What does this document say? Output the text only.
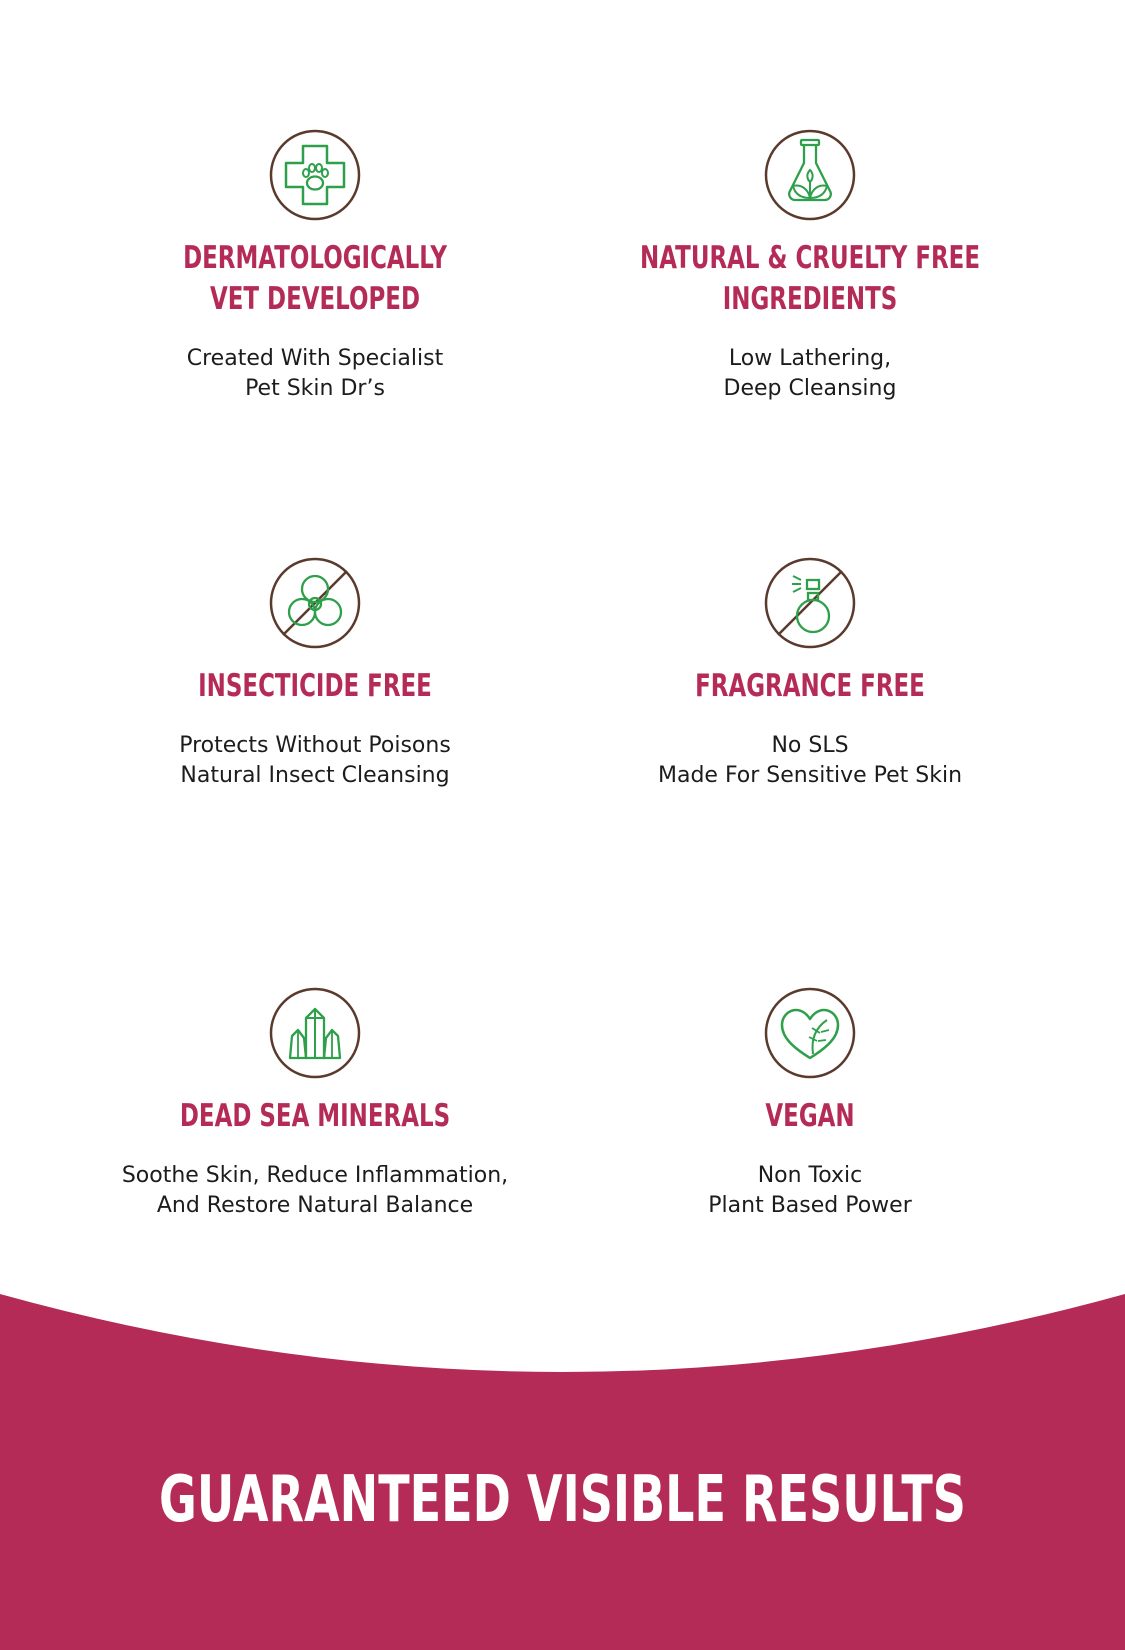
DERMATOLOGICALLY
VET DEVELOPED
Created With Specialist
Pet Skin Dr’s
NATURAL & CRUELTY FREE
INGREDIENTS
Low Lathering,
Deep Cleansing
INSECTICIDE FREE
Protects Without Poisons
Natural Insect Cleansing
FRAGRANCE FREE
No SLS
Made For Sensitive Pet Skin
DEAD SEA MINERALS
Soothe Skin, Reduce Inflammation,
And Restore Natural Balance
VEGAN
Non Toxic
Plant Based Power
GUARANTEED VISIBLE RESULTS
